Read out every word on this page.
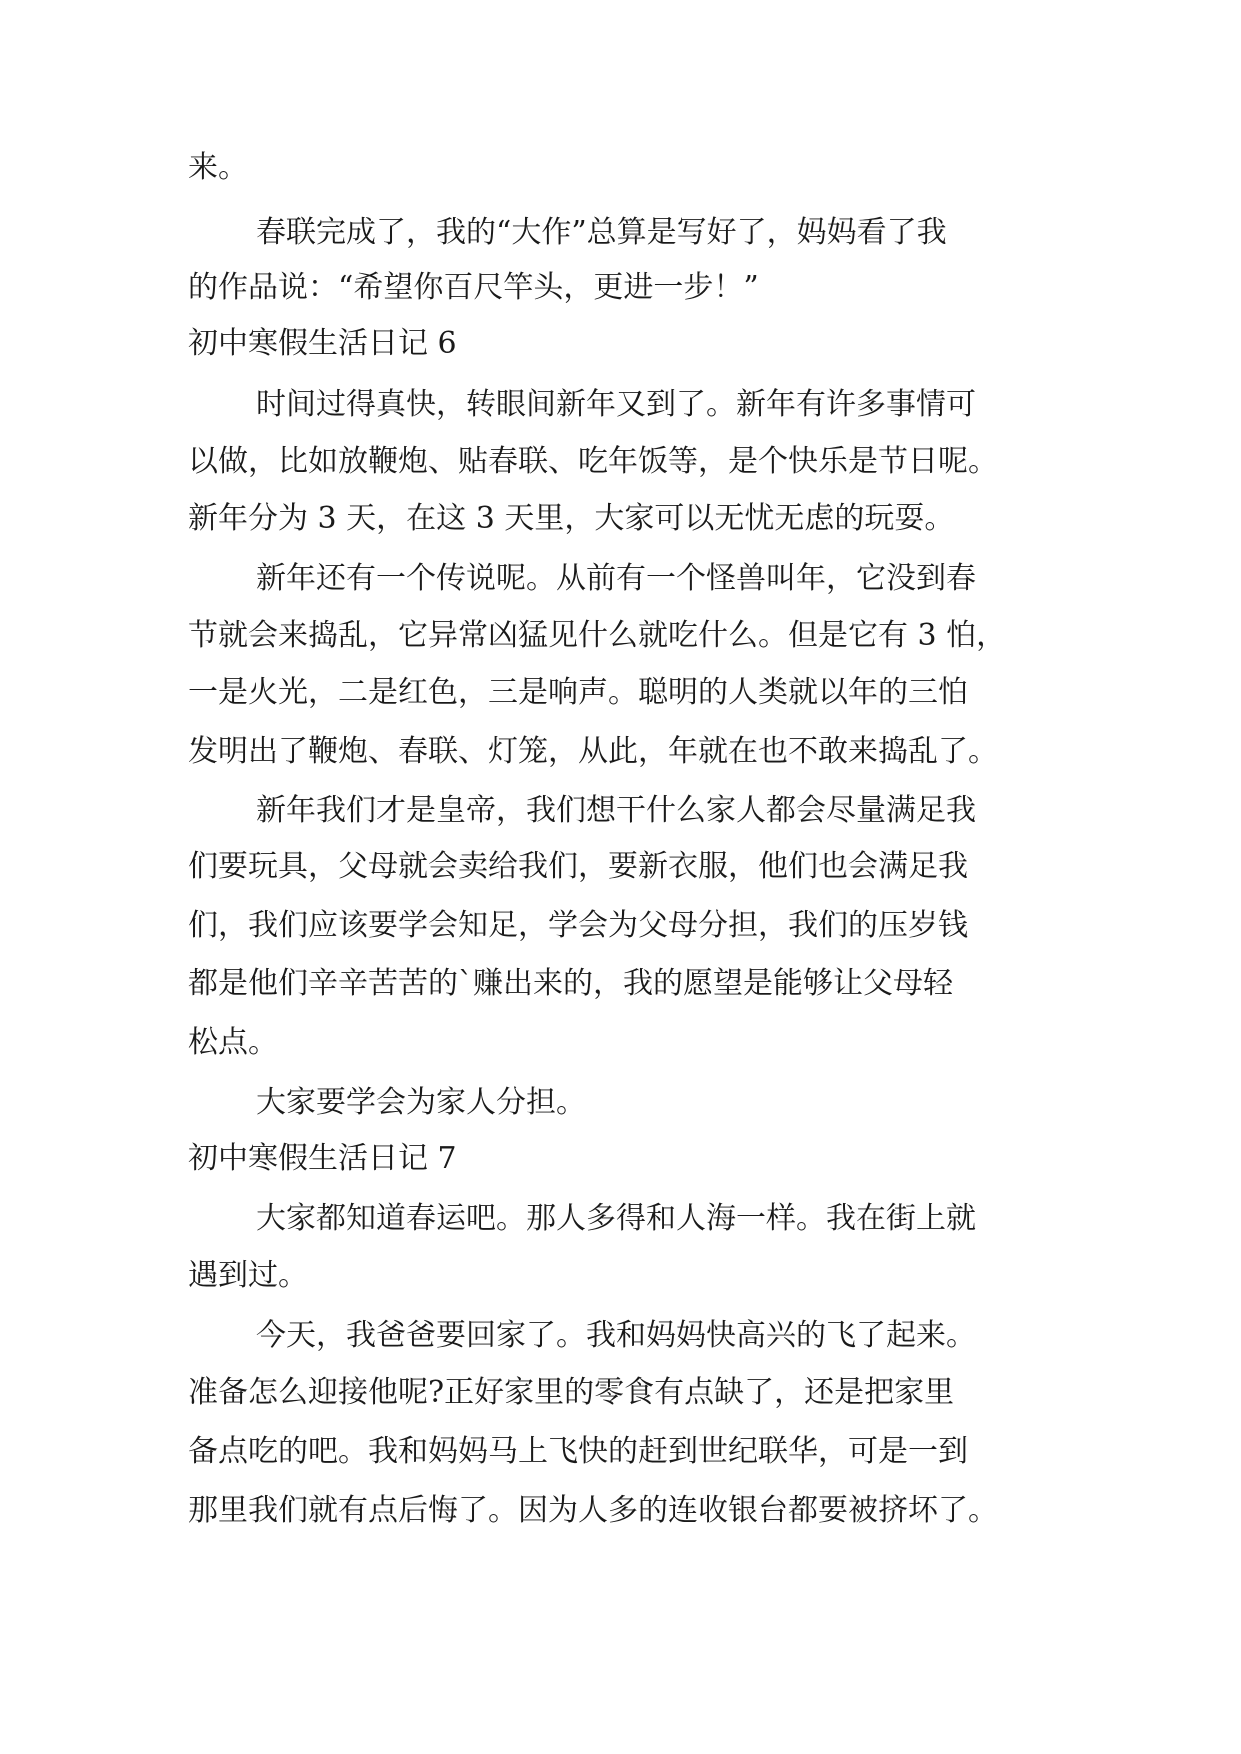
来。
春联完成了，我的“大作”总算是写好了，妈妈看了我
的作品说：“希望你百尺竿头，更进一步！”
初中寒假生活日记 6
时间过得真快，转眼间新年又到了。新年有许多事情可
以做，比如放鞭炮、贴春联、吃年饭等，是个快乐是节日呢。
新年分为 3 天，在这 3 天里，大家可以无忧无虑的玩耍。
新年还有一个传说呢。从前有一个怪兽叫年，它没到春
节就会来捣乱，它异常凶猛见什么就吃什么。但是它有 3 怕，
一是火光，二是红色，三是响声。聪明的人类就以年的三怕
发明出了鞭炮、春联、灯笼，从此，年就在也不敢来捣乱了。
新年我们才是皇帝，我们想干什么家人都会尽量满足我
们要玩具，父母就会卖给我们，要新衣服，他们也会满足我
们，我们应该要学会知足，学会为父母分担，我们的压岁钱
都是他们辛辛苦苦的`赚出来的，我的愿望是能够让父母轻
松点。
大家要学会为家人分担。
初中寒假生活日记 7
大家都知道春运吧。那人多得和人海一样。我在街上就
遇到过。
今天，我爸爸要回家了。我和妈妈快高兴的飞了起来。
准备怎么迎接他呢?正好家里的零食有点缺了，还是把家里
备点吃的吧。我和妈妈马上飞快的赶到世纪联华，可是一到
那里我们就有点后悔了。因为人多的连收银台都要被挤坏了。
